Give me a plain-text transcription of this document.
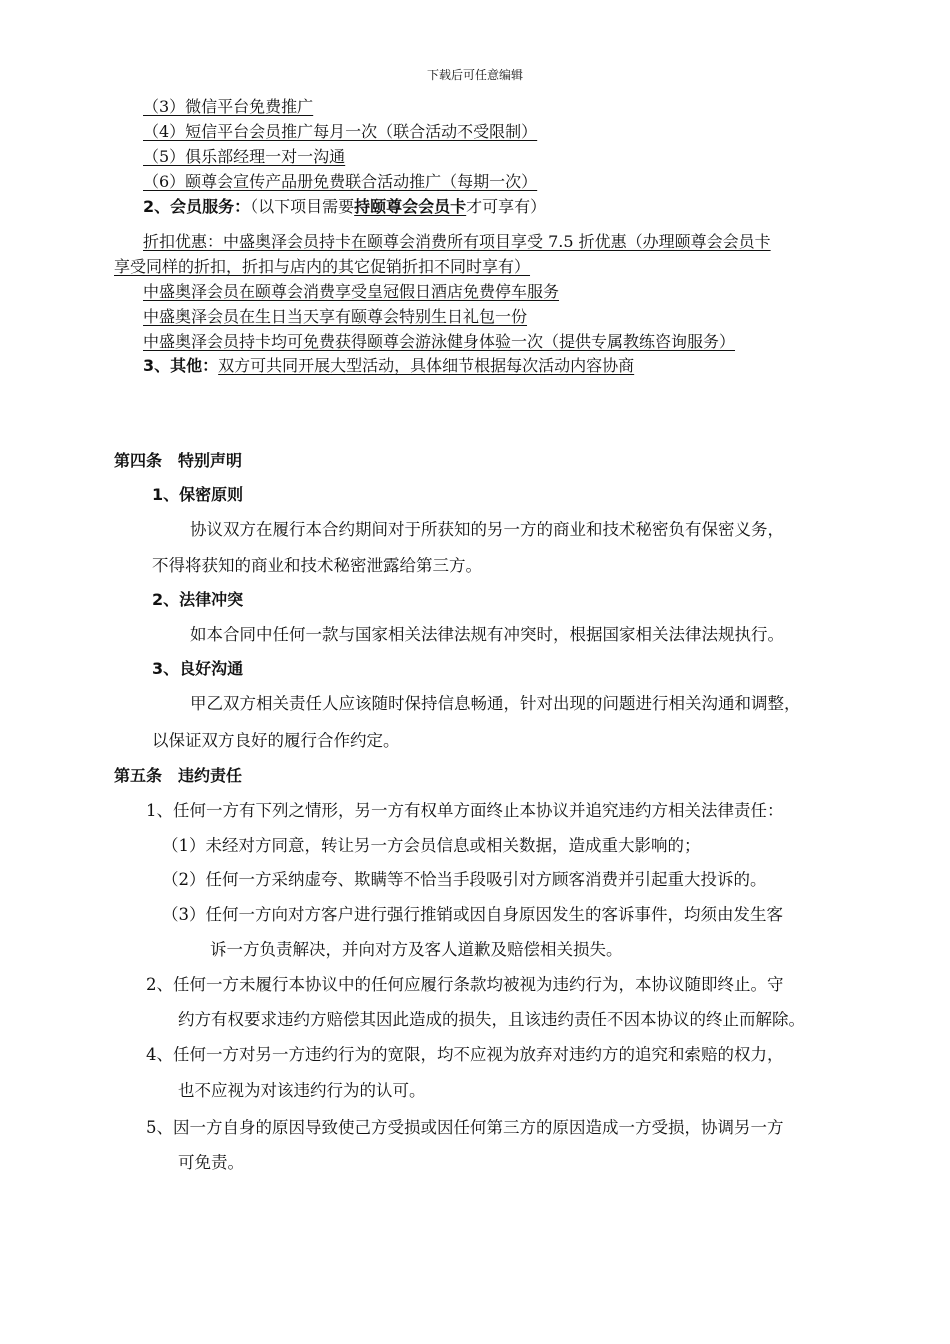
下载后可任意编辑
（3）微信平台免费推广
（4）短信平台会员推广每月一次（联合活动不受限制）
（5）俱乐部经理一对一沟通
（6）颐尊会宣传产品册免费联合活动推广（每期一次）
2、会员服务：（以下项目需要持颐尊会会员卡才可享有）
折扣优惠：中盛奥泽会员持卡在颐尊会消费所有项目享受 7.5 折优惠（办理颐尊会会员卡
享受同样的折扣，折扣与店内的其它促销折扣不同时享有）
中盛奥泽会员在颐尊会消费享受皇冠假日酒店免费停车服务
中盛奥泽会员在生日当天享有颐尊会特别生日礼包一份
中盛奥泽会员持卡均可免费获得颐尊会游泳健身体验一次（提供专属教练咨询服务）
3、其他：双方可共同开展大型活动，具体细节根据每次活动内容协商
第四条　特别声明
1、保密原则
协议双方在履行本合约期间对于所获知的另一方的商业和技术秘密负有保密义务，
不得将获知的商业和技术秘密泄露给第三方。
2、法律冲突
如本合同中任何一款与国家相关法律法规有冲突时，根据国家相关法律法规执行。
3、良好沟通
甲乙双方相关责任人应该随时保持信息畅通，针对出现的问题进行相关沟通和调整，
以保证双方良好的履行合作约定。
第五条　违约责任
1、任何一方有下列之情形，另一方有权单方面终止本协议并追究违约方相关法律责任：
（1）未经对方同意，转让另一方会员信息或相关数据，造成重大影响的；
（2）任何一方采纳虚夸、欺瞒等不恰当手段吸引对方顾客消费并引起重大投诉的。
（3）任何一方向对方客户进行强行推销或因自身原因发生的客诉事件，均须由发生客
诉一方负责解决，并向对方及客人道歉及赔偿相关损失。
2、任何一方未履行本协议中的任何应履行条款均被视为违约行为，本协议随即终止。守
约方有权要求违约方赔偿其因此造成的损失，且该违约责任不因本协议的终止而解除。
4、任何一方对另一方违约行为的宽限，均不应视为放弃对违约方的追究和索赔的权力，
也不应视为对该违约行为的认可。
5、因一方自身的原因导致使己方受损或因任何第三方的原因造成一方受损，协调另一方
可免责。
